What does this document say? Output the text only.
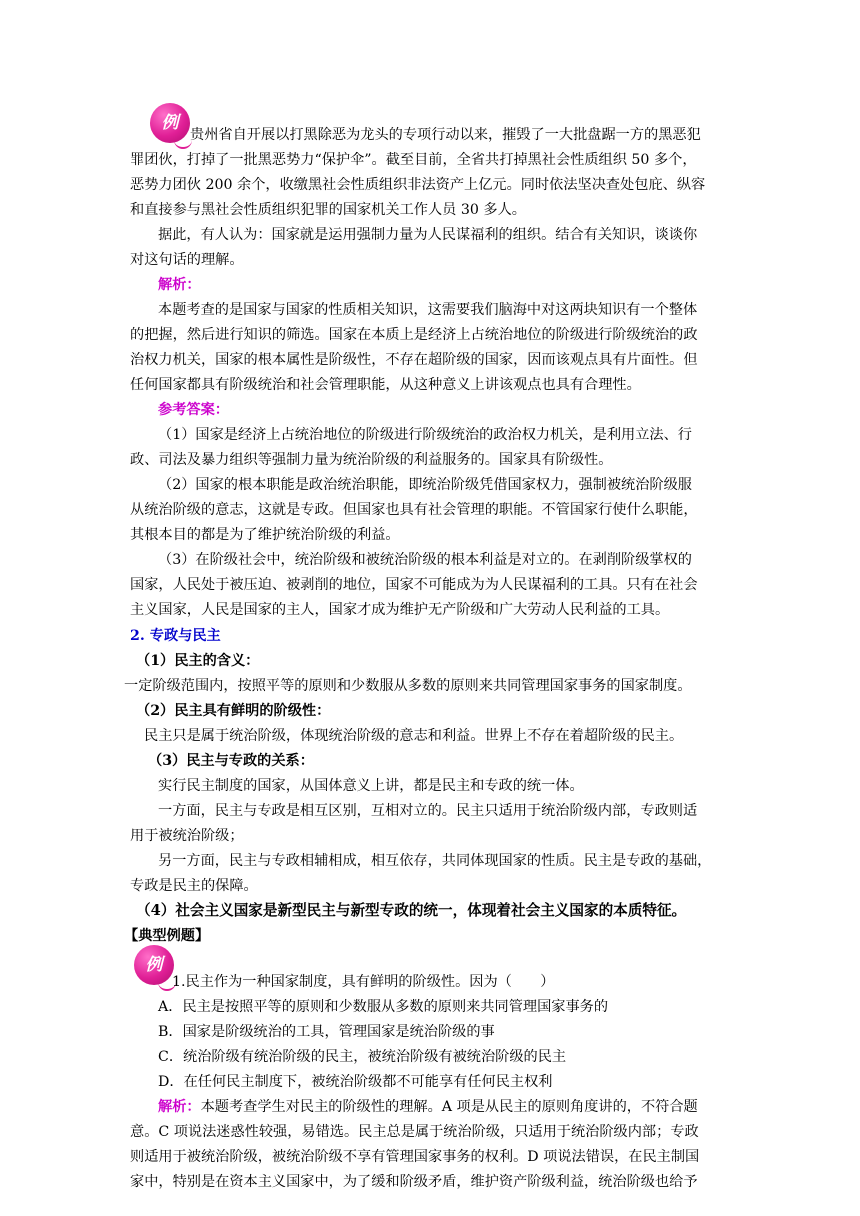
例
贵州省自开展以打黑除恶为龙头的专项行动以来，摧毁了一大批盘踞一方的黑恶犯
罪团伙，打掉了一批黑恶势力“保护伞”。截至目前，全省共打掉黑社会性质组织 50 多个，
恶势力团伙 200 余个，收缴黑社会性质组织非法资产上亿元。同时依法坚决查处包庇、纵容
和直接参与黑社会性质组织犯罪的国家机关工作人员 30 多人。
据此，有人认为：国家就是运用强制力量为人民谋福利的组织。结合有关知识，谈谈你
对这句话的理解。
解析：
本题考查的是国家与国家的性质相关知识，这需要我们脑海中对这两块知识有一个整体
的把握，然后进行知识的筛选。国家在本质上是经济上占统治地位的阶级进行阶级统治的政
治权力机关，国家的根本属性是阶级性，不存在超阶级的国家，因而该观点具有片面性。但
任何国家都具有阶级统治和社会管理职能，从这种意义上讲该观点也具有合理性。
参考答案：
（1）国家是经济上占统治地位的阶级进行阶级统治的政治权力机关，是利用立法、行
政、司法及暴力组织等强制力量为统治阶级的利益服务的。国家具有阶级性。
（2）国家的根本职能是政治统治职能，即统治阶级凭借国家权力，强制被统治阶级服
从统治阶级的意志，这就是专政。但国家也具有社会管理的职能。不管国家行使什么职能，
其根本目的都是为了维护统治阶级的利益。
（3）在阶级社会中，统治阶级和被统治阶级的根本利益是对立的。在剥削阶级掌权的
国家，人民处于被压迫、被剥削的地位，国家不可能成为为人民谋福利的工具。只有在社会
主义国家，人民是国家的主人，国家才成为维护无产阶级和广大劳动人民利益的工具。
2. 专政与民主
（1）民主的含义：
一定阶级范围内，按照平等的原则和少数服从多数的原则来共同管理国家事务的国家制度。
（2）民主具有鲜明的阶级性：
民主只是属于统治阶级，体现统治阶级的意志和利益。世界上不存在着超阶级的民主。
（3）民主与专政的关系：
实行民主制度的国家，从国体意义上讲，都是民主和专政的统一体。
一方面，民主与专政是相互区别，互相对立的。民主只适用于统治阶级内部，专政则适
用于被统治阶级；
另一方面，民主与专政相辅相成，相互依存，共同体现国家的性质。民主是专政的基础，
专政是民主的保障。
（4）社会主义国家是新型民主与新型专政的统一，体现着社会主义国家的本质特征。
【典型例题】
例
1.民主作为一种国家制度，具有鲜明的阶级性。因为（　　）
A．民主是按照平等的原则和少数服从多数的原则来共同管理国家事务的
B．国家是阶级统治的工具，管理国家是统治阶级的事
C．统治阶级有统治阶级的民主，被统治阶级有被统治阶级的民主
D．在任何民主制度下，被统治阶级都不可能享有任何民主权利
解析：本题考查学生对民主的阶级性的理解。A 项是从民主的原则角度讲的，不符合题
意。C 项说法迷惑性较强，易错选。民主总是属于统治阶级，只适用于统治阶级内部；专政
则适用于被统治阶级，被统治阶级不享有管理国家事务的权利。D 项说法错误，在民主制国
家中，特别是在资本主义国家中，为了缓和阶级矛盾，维护资产阶级利益，统治阶级也给予
